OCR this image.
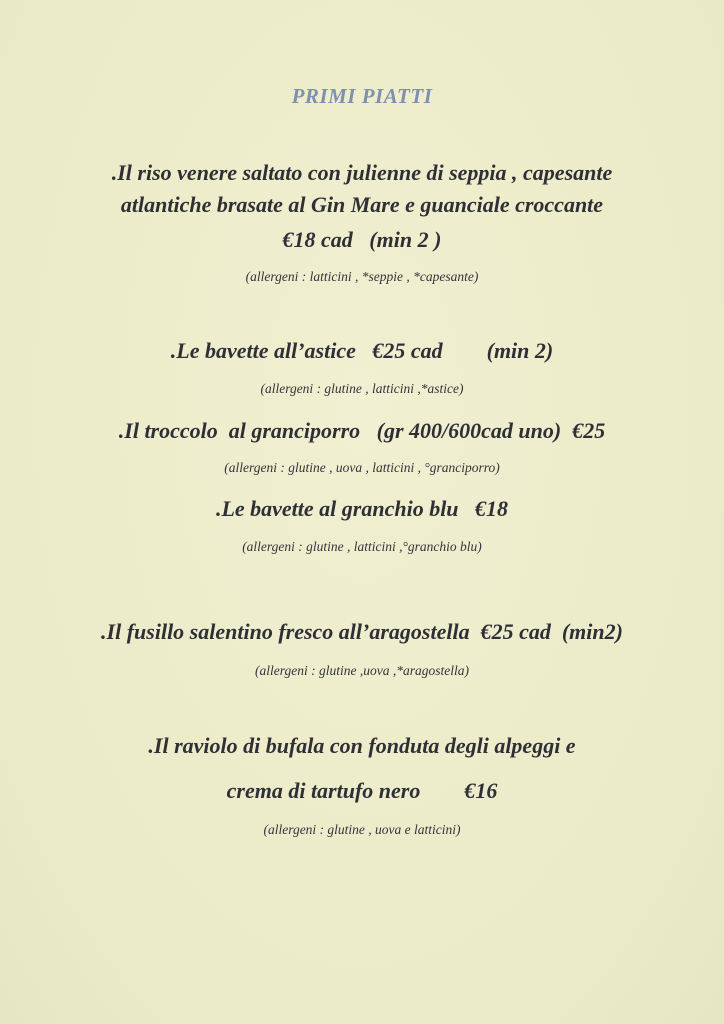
PRIMI PIATTI
.Il riso venere saltato con julienne di seppia , capesante
atlantiche brasate al Gin Mare e guanciale croccante
€18 cad   (min 2 )
(allergeni : latticini , *seppie , *capesante)
.Le bavette all’astice   €25 cad        (min 2)
(allergeni : glutine , latticini ,*astice)
.Il troccolo  al granciporro   (gr 400/600cad uno)  €25
(allergeni : glutine , uova , latticini , °granciporro)
.Le bavette al granchio blu   €18
(allergeni : glutine , latticini ,°granchio blu)
.Il fusillo salentino fresco all’aragostella  €25 cad  (min2)
(allergeni : glutine ,uova ,*aragostella)
.Il raviolo di bufala con fonduta degli alpeggi e
crema di tartufo nero        €16
(allergeni : glutine , uova e latticini)
